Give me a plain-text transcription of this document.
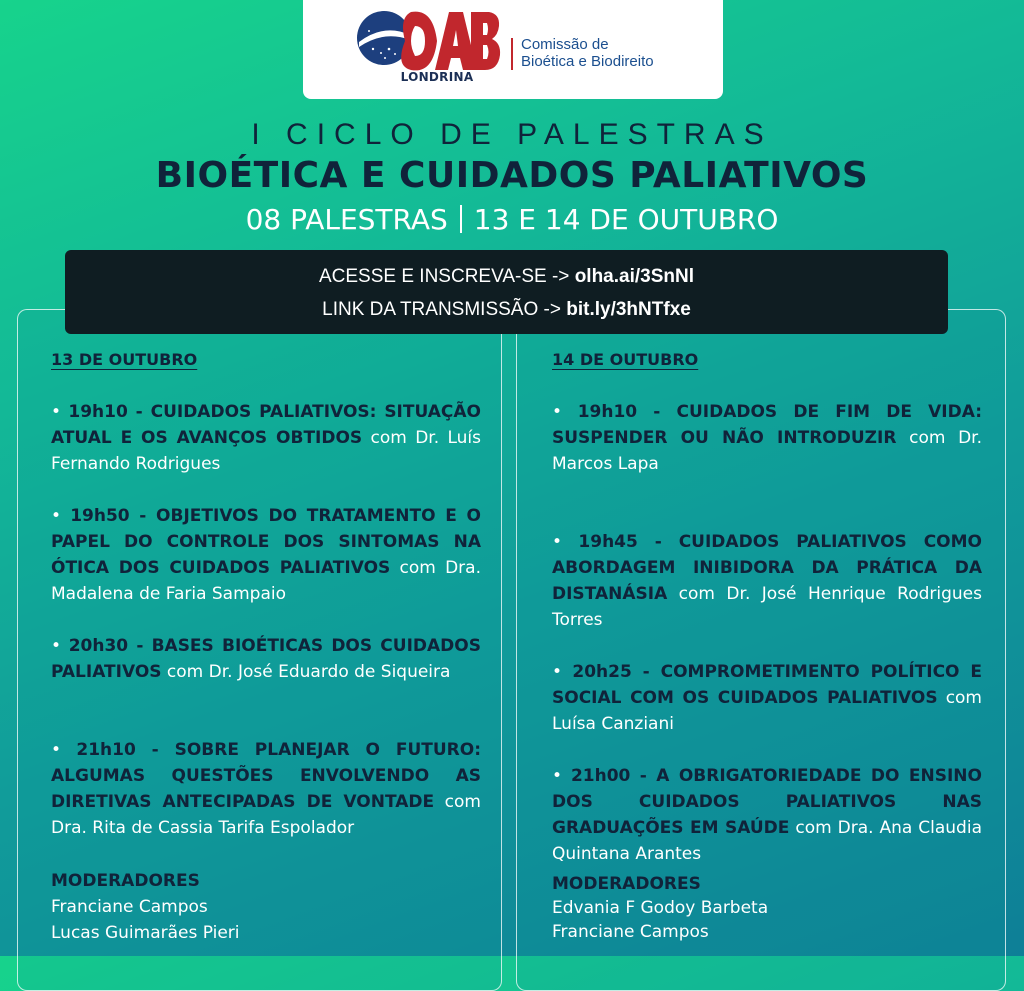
LONDRINA
Comissão de
Bioética e Biodireito
I CICLO DE PALESTRAS
BIOÉTICA E CUIDADOS PALIATIVOS
08 PALESTRAS 13 E 14 DE OUTUBRO
ACESSE E INSCREVA-SE -> olha.ai/3SnNl
LINK DA TRANSMISSÃO -> bit.ly/3hNTfxe
13 DE OUTUBRO
• 19h10 - CUIDADOS PALIATIVOS: SITUAÇÃO ATUAL E OS AVANÇOS OBTIDOS com Dr. Luís Fernando Rodrigues
• 19h50 - OBJETIVOS DO TRATAMENTO E O PAPEL DO CONTROLE DOS SINTOMAS NA ÓTICA DOS CUIDADOS PALIATIVOS com Dra. Madalena de Faria Sampaio
• 20h30 - BASES BIOÉTICAS DOS CUIDADOS PALIATIVOS com Dr. José Eduardo de Siqueira
• 21h10 - SOBRE PLANEJAR O FUTURO: ALGUMAS QUESTÕES ENVOLVENDO AS DIRETIVAS ANTECIPADAS DE VONTADE com Dra. Rita de Cassia Tarifa Espolador
MODERADORES
Franciane Campos
Lucas Guimarães Pieri
14 DE OUTUBRO
• 19h10 - CUIDADOS DE FIM DE VIDA: SUSPENDER OU NÃO INTRODUZIR com Dr. Marcos Lapa
• 19h45 - CUIDADOS PALIATIVOS COMO ABORDAGEM INIBIDORA DA PRÁTICA DA DISTANÁSIA com Dr. José Henrique Rodrigues Torres
• 20h25 - COMPROMETIMENTO POLÍTICO E SOCIAL COM OS CUIDADOS PALIATIVOS com Luísa Canziani
• 21h00 - A OBRIGATORIEDADE DO ENSINO DOS CUIDADOS PALIATIVOS NAS GRADUAÇÕES EM SAÚDE com Dra. Ana Claudia Quintana Arantes
MODERADORES
Edvania F Godoy Barbeta
Franciane Campos
